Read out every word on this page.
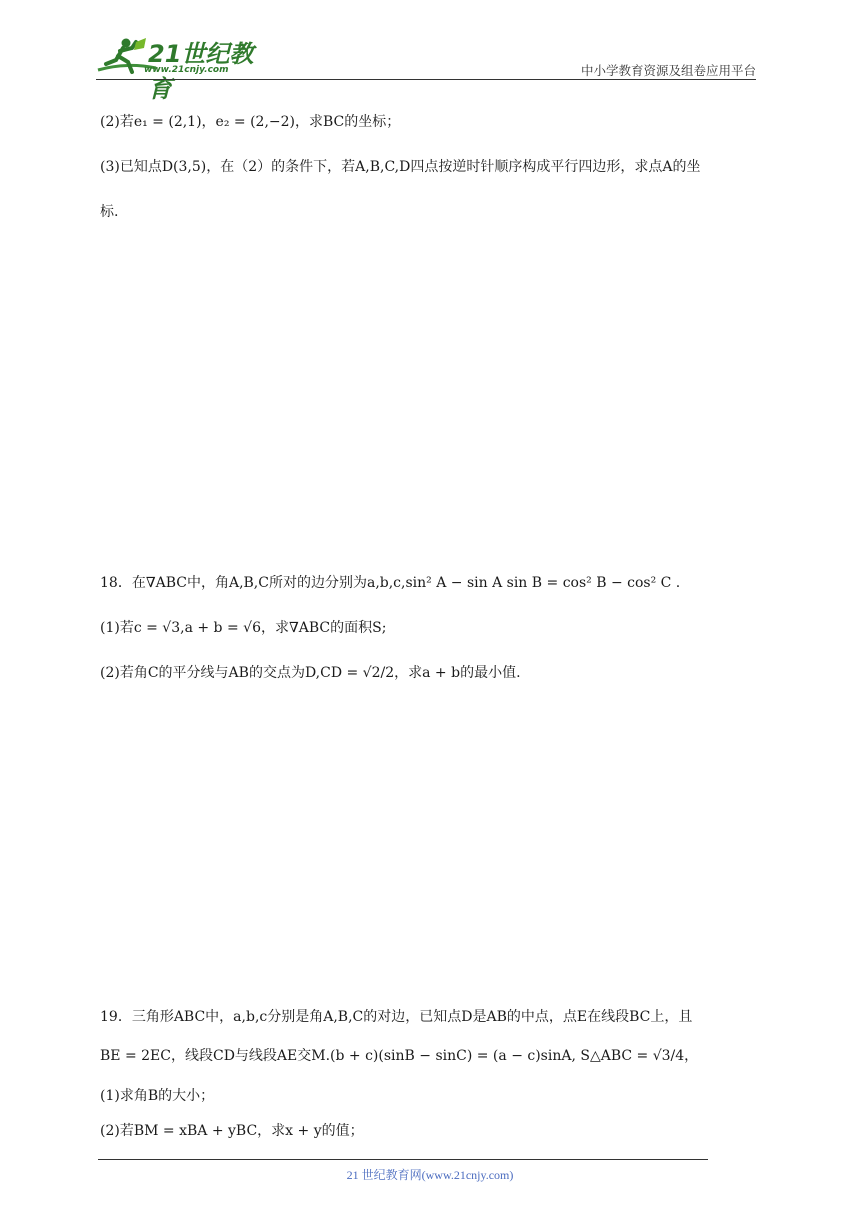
21世纪教育
www.21cnjy.com	中小学教育资源及组卷应用平台
(2)若e₁ = (2,1)，e₂ = (2,−2)，求BC的坐标；
(3)已知点D(3,5)，在（2）的条件下，若A,B,C,D四点按逆时针顺序构成平行四边形，求点A的坐
标.
18．在∇ABC中，角A,B,C所对的边分别为a,b,c,sin² A − sin A sin B = cos² B − cos² C .
(1)若c = √3,a + b = √6，求∇ABC的面积S;
(2)若角C的平分线与AB的交点为D,CD = √2/2，求a + b的最小值.
19．三角形ABC中，a,b,c分别是角A,B,C的对边，已知点D是AB的中点，点E在线段BC上，且
BE = 2EC，线段CD与线段AE交M.(b + c)(sinB − sinC) = (a − c)sinA, S△ABC = √3/4，
(1)求角B的大小；
(2)若BM = xBA + yBC，求x + y的值；
21 世纪教育网(www.21cnjy.com)
